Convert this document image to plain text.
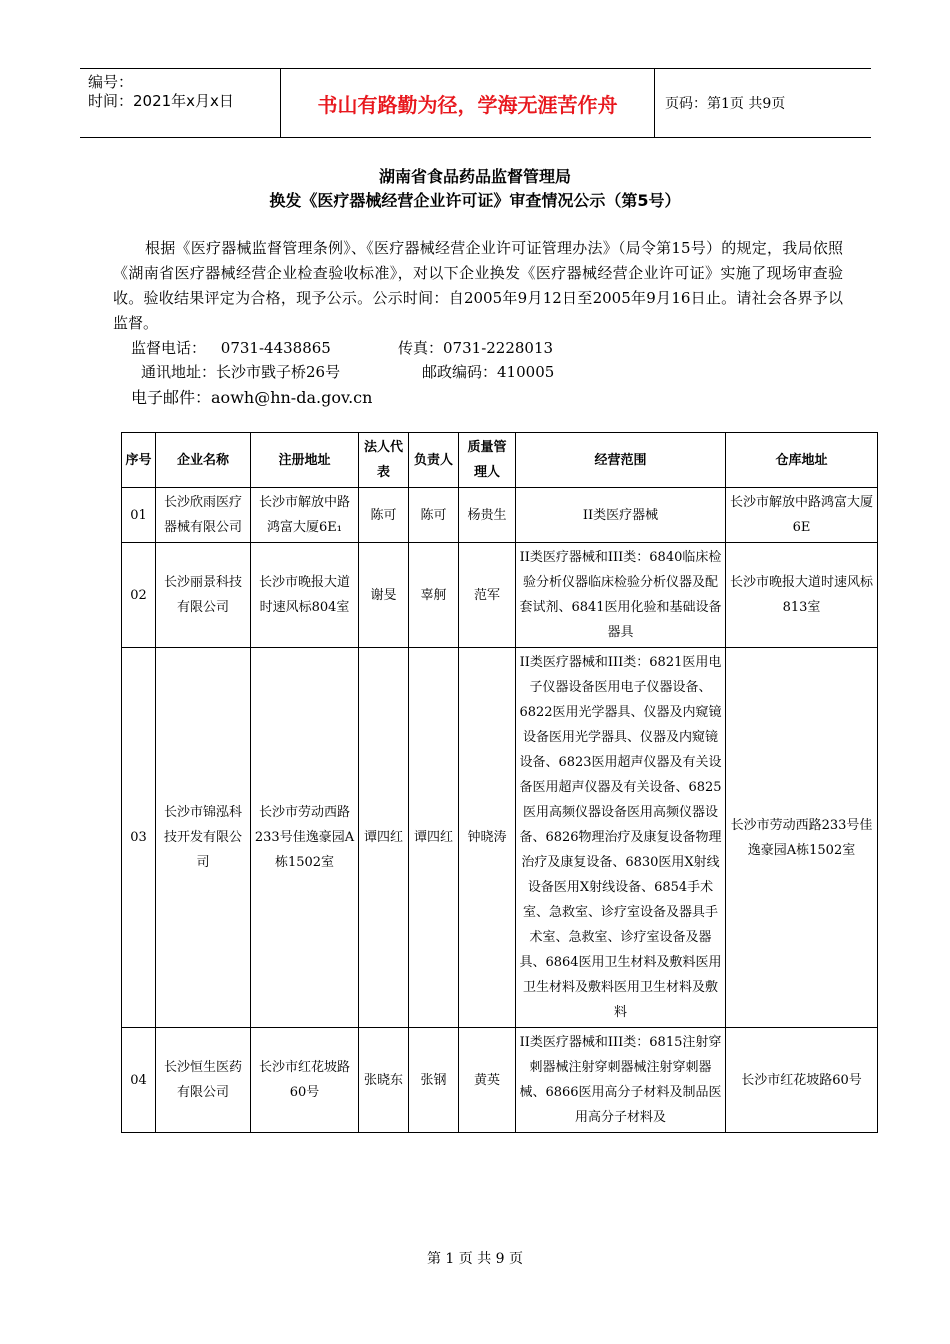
编号：
时间：2021年x月x日	书山有路勤为径，学海无涯苦作舟	页码：第1页 共9页
湖南省食品药品监督管理局
换发《医疗器械经营企业许可证》审查情况公示（第5号）
根据《医疗器械监督管理条例》、《医疗器械经营企业许可证管理办法》（局令第15号）的规定，我局依照《湖南省医疗器械经营企业检查验收标准》，对以下企业换发《医疗器械经营企业许可证》实施了现场审查验收。验收结果评定为合格，现予公示。公示时间：自2005年9月12日至2005年9月16日止。请社会各界予以监督。
监督电话： 0731-4438865	传真：0731-2228013
通讯地址：长沙市戥子桥26号	邮政编码：410005
电子邮件：aowh@hn-da.gov.cn
序号	企业名称	注册地址	法人代表	负责人	质量管理人	经营范围	仓库地址
01	长沙欣雨医疗器械有限公司	长沙市解放中路鸿富大厦6E₁	陈可	陈可	杨贵生	II类医疗器械	长沙市解放中路鸿富大厦6E
02	长沙丽景科技有限公司	长沙市晚报大道时速风标804室	谢旻	辜舸	范军	II类医疗器械和III类：6840临床检验分析仪器临床检验分析仪器及配套试剂、6841医用化验和基础设备器具	长沙市晚报大道时速风标813室
03	长沙市锦泓科技开发有限公司	长沙市劳动西路233号佳逸豪园A栋1502室	谭四红	谭四红	钟晓涛	II类医疗器械和III类：6821医用电子仪器设备医用电子仪器设备、6822医用光学器具、仪器及内窥镜设备医用光学器具、仪器及内窥镜设备、6823医用超声仪器及有关设备医用超声仪器及有关设备、6825医用高频仪器设备医用高频仪器设备、6826物理治疗及康复设备物理治疗及康复设备、6830医用X射线设备医用X射线设备、6854手术室、急救室、诊疗室设备及器具手术室、急救室、诊疗室设备及器具、6864医用卫生材料及敷料医用卫生材料及敷料医用卫生材料及敷料	长沙市劳动西路233号佳逸豪园A栋1502室
04	长沙恒生医药有限公司	长沙市红花坡路60号	张晓东	张钢	黄英	II类医疗器械和III类：6815注射穿刺器械注射穿刺器械注射穿刺器械、6866医用高分子材料及制品医用高分子材料及	长沙市红花坡路60号
第 1 页 共 9 页
